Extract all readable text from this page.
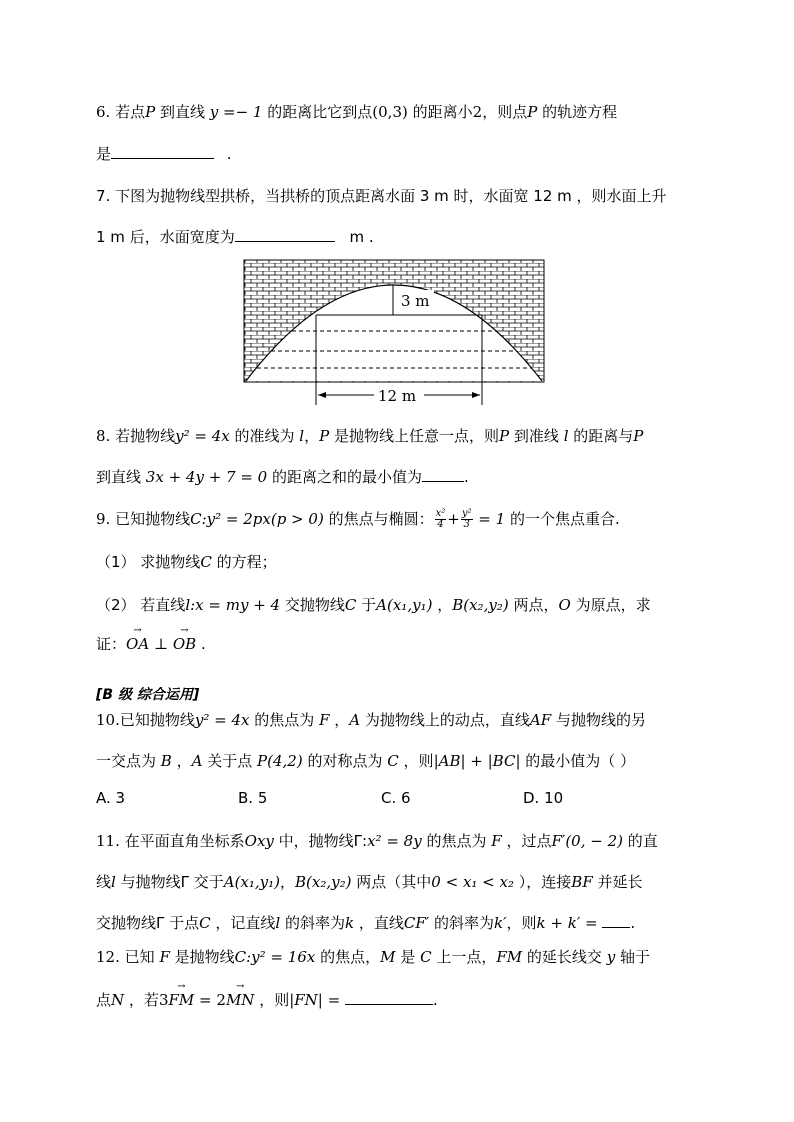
6. 若点P 到直线 y =− 1 的距离比它到点(0,3) 的距离小2，则点P 的轨迹方程
是	.
7. 下图为抛物线型拱桥，当拱桥的顶点距离水面 3 m 时，水面宽 12 m ，则水面上升
1 m 后，水面宽度为	m .
3 m
12 m
8. 若抛物线y² = 4x 的准线为 l，P 是抛物线上任意一点，则P 到准线 l 的距离与P
到直线 3x + 4y + 7 = 0 的距离之和的最小值为	.
9. 已知抛物线C:y² = 2px(p > 0) 的焦点与椭圆： $\frac{\text{x²}}{4} + \frac{\text{y²}}{3} = 1$ 的一个焦点重合.
（1） 求抛物线C 的方程；
（2） 若直线l:x = my + 4 交抛物线C 于A(x₁,y₁) ，B(x₂,y₂) 两点，O 为原点，求
证：→ OA ⊥ → OB .
[B 级 综合运用]
10.已知抛物线y² = 4x 的焦点为 F ，A 为抛物线上的动点，直线AF 与抛物线的另
一交点为 B ，A 关于点 P(4,2) 的对称点为 C ，则|AB| + |BC| 的最小值为（ ）
A. 3	B. 5	C. 6	D. 10
11. 在平面直角坐标系Oxy 中，抛物线Γ:x² = 8y 的焦点为 F ，过点F′(0, − 2) 的直
线l 与抛物线Γ 交于A(x₁,y₁)，B(x₂,y₂) 两点（其中0 < x₁ < x₂ ），连接BF 并延长
交抛物线Γ 于点C ，记直线l 的斜率为k ，直线CF′ 的斜率为k′，则k + k′ = .
12. 已知 F 是抛物线C:y² = 16x 的焦点，M 是 C 上一点，FM 的延长线交 y 轴于
点N ，若3→ FM = 2→ MN ，则|FN| =	.
